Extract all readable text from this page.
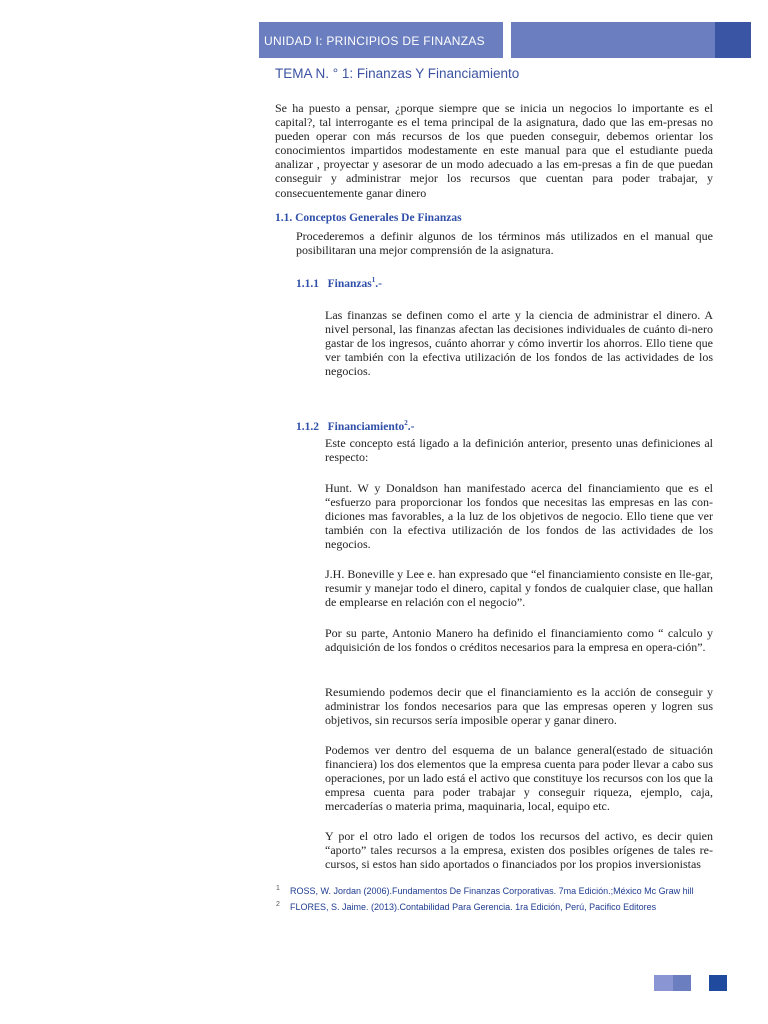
UNIDAD I: PRINCIPIOS DE FINANZAS
TEMA N. ° 1: Finanzas Y Financiamiento
Se ha puesto a pensar, ¿porque siempre que se inicia un negocios lo importante es el capital?, tal interrogante es el tema principal de la asignatura, dado que las em-presas no pueden operar con más recursos de los que pueden conseguir, debemos orientar los conocimientos impartidos modestamente en este manual para que el estudiante pueda analizar , proyectar y asesorar de un modo adecuado a las em-presas a fin de que puedan conseguir y administrar mejor los recursos que cuentan para poder trabajar, y consecuentemente ganar dinero
1.1. Conceptos Generales De Finanzas
Procederemos a definir algunos de los términos más utilizados en el manual que posibilitaran una mejor comprensión de la asignatura.
1.1.1 Finanzas$^1$.-
Las finanzas se definen como el arte y la ciencia de administrar el dinero. A nivel personal, las finanzas afectan las decisiones individuales de cuánto di-nero gastar de los ingresos, cuánto ahorrar y cómo invertir los ahorros. Ello tiene que ver también con la efectiva utilización de los fondos de las actividades de los negocios.
1.1.2 Financiamiento$^2$.-
Este concepto está ligado a la definición anterior, presento unas definiciones al respecto:
Hunt. W y Donaldson han manifestado acerca del financiamiento que es el “esfuerzo para proporcionar los fondos que necesitas las empresas en las con-diciones mas favorables, a la luz de los objetivos de negocio. Ello tiene que ver también con la efectiva utilización de los fondos de las actividades de los negocios.
J.H. Boneville y Lee e. han expresado que “el financiamiento consiste en lle-gar, resumir y manejar todo el dinero, capital y fondos de cualquier clase, que hallan de emplearse en relación con el negocio”.
Por su parte, Antonio Manero ha definido el financiamiento como “ calculo y adquisición de los fondos o créditos necesarios para la empresa en opera-ción”.
Resumiendo podemos decir que el financiamiento es la acción de conseguir y administrar los fondos necesarios para que las empresas operen y logren sus objetivos, sin recursos sería imposible operar y ganar dinero.
Podemos ver dentro del esquema de un balance general(estado de situación financiera) los dos elementos que la empresa cuenta para poder llevar a cabo sus operaciones, por un lado está el activo que constituye los recursos con los que la empresa cuenta para poder trabajar y conseguir riqueza, ejemplo, caja, mercaderías o materia prima, maquinaria, local, equipo etc.
Y por el otro lado el origen de todos los recursos del activo, es decir quien “aporto” tales recursos a la empresa, existen dos posibles orígenes de tales re-cursos, si estos han sido aportados o financiados por los propios inversionistas
1 ROSS, W. Jordan (2006).Fundamentos De Finanzas Corporativas. 7ma Edición.;México Mc Graw hill
2 FLORES, S. Jaime. (2013).Contabilidad Para Gerencia. 1ra Edición, Perú, Pacifico Editores
